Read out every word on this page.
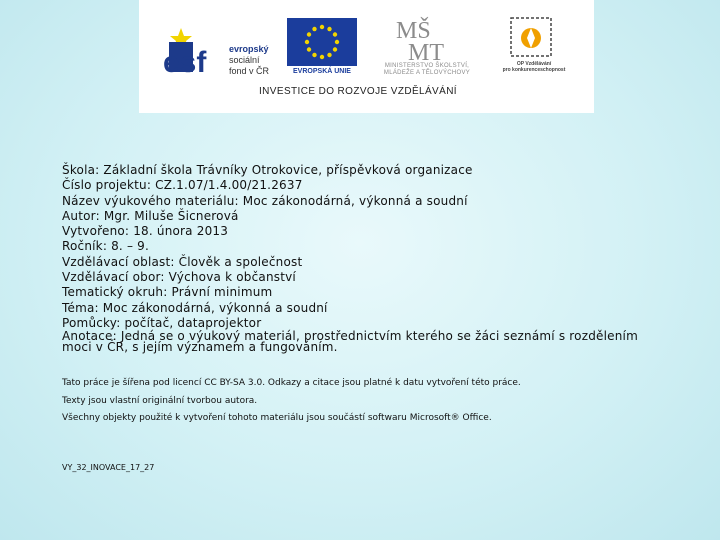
esf	evropský
sociální
fond v ČR	EVROPSKÁ UNIE
MŠ
MT
MINISTERSTVO ŠKOLSTVÍ,
MLÁDEŽE A TĚLOVÝCHOVY
OP Vzdělávání
pro konkurenceschopnost
INVESTICE DO ROZVOJE VZDĚLÁVÁNÍ
Škola: Základní škola Trávníky Otrokovice, příspěvková organizace
Číslo projektu: CZ.1.07/1.4.00/21.2637
Název výukového materiálu: Moc zákonodárná, výkonná a soudní
Autor: Mgr. Miluše Šicnerová
Vytvořeno: 18. února 2013
Ročník: 8. – 9.
Vzdělávací oblast: Člověk a společnost
Vzdělávací obor: Výchova k občanství
Tematický okruh: Právní minimum
Téma: Moc zákonodárná, výkonná a soudní
Pomůcky: počítač, dataprojektor
Anotace: Jedná se o výukový materiál, prostřednictvím kterého se žáci seznámí s rozdělením moci v ČR, s jejím významem a fungováním.
Tato práce je šířena pod licencí CC BY-SA 3.0. Odkazy a citace jsou platné k datu vytvoření této práce.
Texty jsou vlastní originální tvorbou autora.
Všechny objekty použité k vytvoření tohoto materiálu jsou součástí softwaru Microsoft® Office.
VY_32_INOVACE_17_27
